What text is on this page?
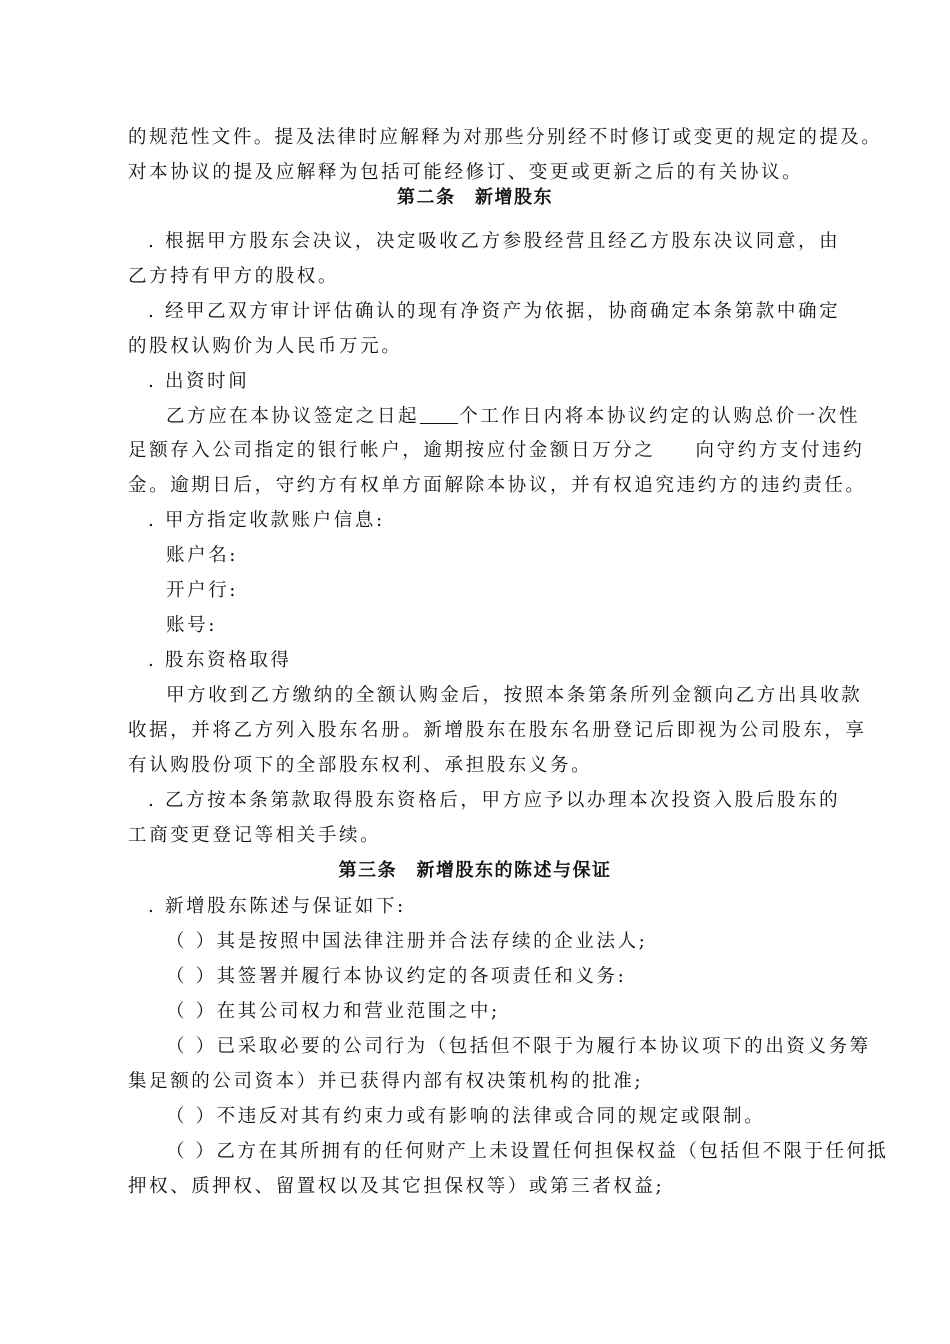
的规范性文件。提及法律时应解释为对那些分别经不时修订或变更的规定的提及。
对本协议的提及应解释为包括可能经修订、变更或更新之后的有关协议。
第二条　新增股东
. 根据甲方股东会决议，决定吸收乙方参股经营且经乙方股东决议同意，由
乙方持有甲方的股权。
. 经甲乙双方审计评估确认的现有净资产为依据，协商确定本条第款中确定
的股权认购价为人民币万元。
. 出资时间
乙方应在本协议签定之日起 个工作日内将本协议约定的认购总价一次性
足额存入公司指定的银行帐户，逾期按应付金额日万分之 向守约方支付违约
金。逾期日后，守约方有权单方面解除本协议，并有权追究违约方的违约责任。
. 甲方指定收款账户信息:
账户名:
开户行:
账号:
. 股东资格取得
甲方收到乙方缴纳的全额认购金后，按照本条第条所列金额向乙方出具收款
收据，并将乙方列入股东名册。新增股东在股东名册登记后即视为公司股东，享
有认购股份项下的全部股东权利、承担股东义务。
. 乙方按本条第款取得股东资格后，甲方应予以办理本次投资入股后股东的
工商变更登记等相关手续。
第三条　新增股东的陈述与保证
. 新增股东陈述与保证如下:
（ ）其是按照中国法律注册并合法存续的企业法人;
（ ）其签署并履行本协议约定的各项责任和义务:
（ ）在其公司权力和营业范围之中;
（ ）已采取必要的公司行为（包括但不限于为履行本协议项下的出资义务筹
集足额的公司资本）并已获得内部有权决策机构的批准;
（ ）不违反对其有约束力或有影响的法律或合同的规定或限制。
（ ）乙方在其所拥有的任何财产上未设置任何担保权益（包括但不限于任何抵
押权、质押权、留置权以及其它担保权等）或第三者权益;
